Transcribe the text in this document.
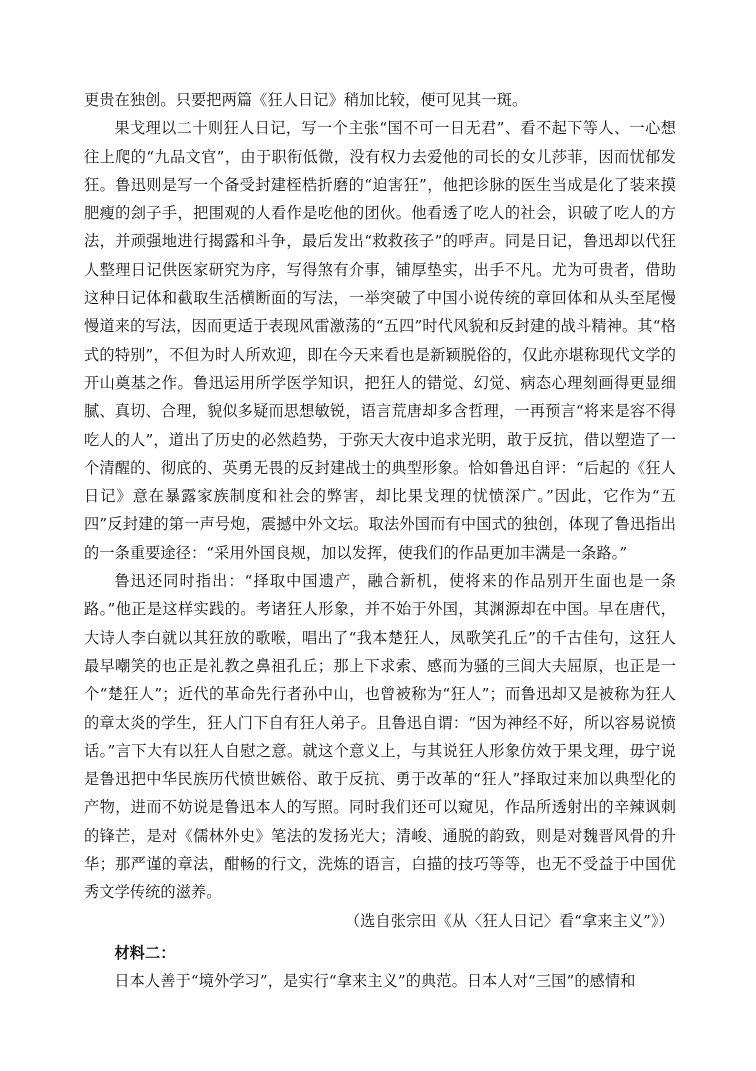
更贵在独创。只要把两篇《狂人日记》稍加比较，便可见其一斑。

果戈理以二十则狂人日记，写一个主张“国不可一日无君”、看不起下等人、一心想往上爬的“九品文官”，由于职衔低微，没有权力去爱他的司长的女儿莎菲，因而忧郁发狂。鲁迅则是写一个备受封建桎梏折磨的“迫害狂”，他把诊脉的医生当成是化了装来摸肥瘦的刽子手，把围观的人看作是吃他的团伙。他看透了吃人的社会，识破了吃人的方法，并顽强地进行揭露和斗争，最后发出“救救孩子”的呼声。同是日记，鲁迅却以代狂人整理日记供医家研究为序，写得煞有介事，铺厚垫实，出手不凡。尤为可贵者，借助这种日记体和截取生活横断面的写法，一举突破了中国小说传统的章回体和从头至尾慢慢道来的写法，因而更适于表现风雷激荡的“五四”时代风貌和反封建的战斗精神。其“格式的特别”，不但为时人所欢迎，即在今天来看也是新颖脱俗的，仅此亦堪称现代文学的开山奠基之作。鲁迅运用所学医学知识，把狂人的错觉、幻觉、病态心理刻画得更显细腻、真切、合理，貌似多疑而思想敏锐，语言荒唐却多含哲理，一再预言“将来是容不得吃人的人”，道出了历史的必然趋势，于弥天大夜中追求光明，敢于反抗，借以塑造了一个清醒的、彻底的、英勇无畏的反封建战士的典型形象。恰如鲁迅自评：“后起的《狂人日记》意在暴露家族制度和社会的弊害，却比果戈理的忧愤深广。”因此，它作为“五四”反封建的第一声号炮，震撼中外文坛。取法外国而有中国式的独创，体现了鲁迅指出的一条重要途径：“采用外国良规，加以发挥，使我们的作品更加丰满是一条路。”

鲁迅还同时指出：“择取中国遗产，融合新机，使将来的作品别开生面也是一条路。”他正是这样实践的。考诸狂人形象，并不始于外国，其渊源却在中国。早在唐代，大诗人李白就以其狂放的歌喉，唱出了“我本楚狂人，凤歌笑孔丘”的千古佳句，这狂人最早嘲笑的也正是礼教之鼻祖孔丘；那上下求索、感而为骚的三闾大夫屈原，也正是一个“楚狂人”；近代的革命先行者孙中山，也曾被称为“狂人”；而鲁迅却又是被称为狂人的章太炎的学生，狂人门下自有狂人弟子。且鲁迅自谓：“因为神经不好，所以容易说愤话。”言下大有以狂人自慰之意。就这个意义上，与其说狂人形象仿效于果戈理，毋宁说是鲁迅把中华民族历代愤世嫉俗、敢于反抗、勇于改革的“狂人”择取过来加以典型化的产物，进而不妨说是鲁迅本人的写照。同时我们还可以窥见，作品所透射出的辛辣讽刺的锋芒，是对《儒林外史》笔法的发扬光大；清峻、通脱的韵致，则是对魏晋风骨的升华；那严谨的章法，酣畅的行文，洗炼的语言，白描的技巧等等，也无不受益于中国优秀文学传统的滋养。

（选自张宗田《从〈狂人日记〉看“拿来主义”》）

材料二：

日本人善于“境外学习”，是实行“拿来主义”的典范。日本人对“三国”的感情和
